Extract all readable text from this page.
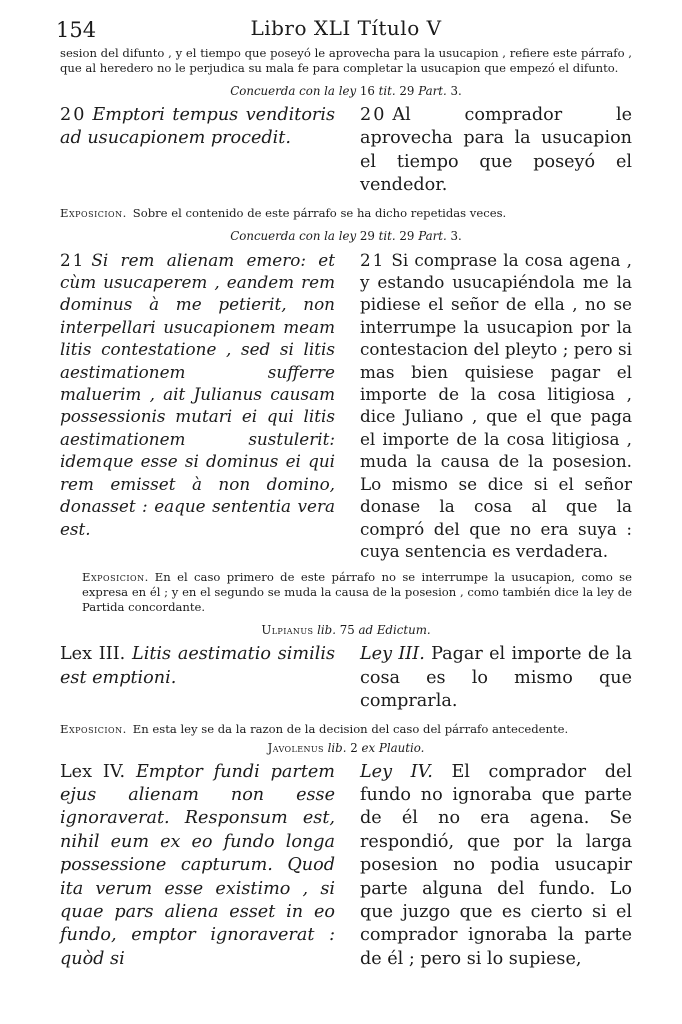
154	Libro XLI Título V

sesion del difunto , y el tiempo que poseyó le aprovecha para la usucapion , refiere este párrafo , que al heredero no le perjudica su mala fe para completar la usucapion que empezó el difunto.

Concuerda con la ley 16 tit. 29 Part. 3.
20 Emptori tempus venditoris ad usucapionem procedit.
20 Al comprador le aprovecha para la usucapion el tiempo que poseyó el vendedor.

Exposicion. Sobre el contenido de este párrafo se ha dicho repetidas veces.

Concuerda con la ley 29 tit. 29 Part. 3.
21 Si rem alienam emero: et cùm usucaperem , eandem rem dominus à me petierit, non interpellari usucapionem meam litis contestatione , sed si litis aestimationem sufferre maluerim , ait Julianus causam possessionis mutari ei qui litis aestimationem sustulerit: idemque esse si dominus ei qui rem emisset à non domino, donasset : eaque sententia vera est.
21 Si comprase la cosa agena , y estando usucapiéndola me la pidiese el señor de ella , no se interrumpe la usucapion por la contestacion del pleyto ; pero si mas bien quisiese pagar el importe de la cosa litigiosa , dice Juliano , que el que paga el importe de la cosa litigiosa , muda la causa de la posesion. Lo mismo se dice si el señor donase la cosa al que la compró del que no era suya : cuya sentencia es verdadera.

Exposicion. En el caso primero de este párrafo no se interrumpe la usucapion, como se expresa en él ; y en el segundo se muda la causa de la posesion , como también dice la ley de Partida concordante.

Ulpianus lib. 75 ad Edictum.
Lex III. Litis aestimatio similis est emptioni.
Ley III. Pagar el importe de la cosa es lo mismo que comprarla.

Exposicion. En esta ley se da la razon de la decision del caso del párrafo antecedente.

Javolenus lib. 2 ex Plautio.
Lex IV. Emptor fundi partem ejus alienam non esse ignoraverat. Responsum est, nihil eum ex eo fundo longa possessione capturum. Quod ita verum esse existimo , si quae pars aliena esset in eo fundo, emptor ignoraverat : quòd si
Ley IV. El comprador del fundo no ignoraba que parte de él no era agena. Se respondió, que por la larga posesion no podia usucapir parte alguna del fundo. Lo que juzgo que es cierto si el comprador ignoraba la parte de él ; pero si lo supiese,
